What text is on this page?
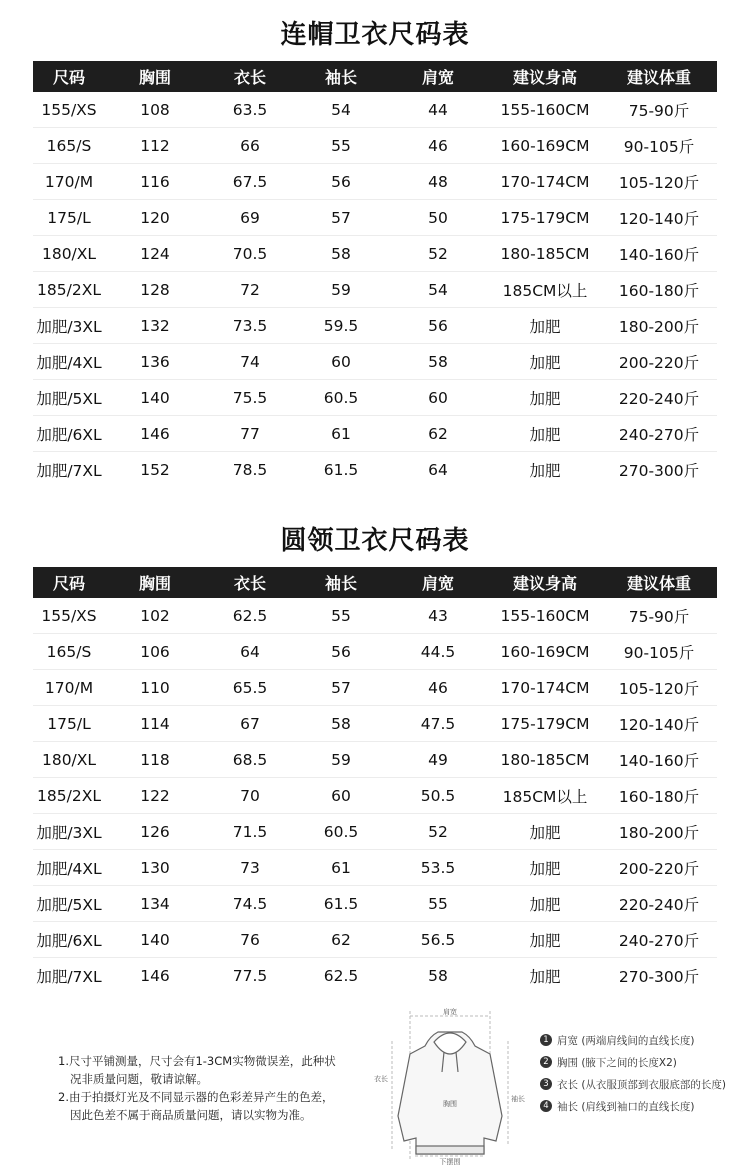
连帽卫衣尺码表
尺码	胸围	衣长	袖长	肩宽	建议身高	建议体重
155/XS	108	63.5	54	44	155-160CM	75-90斤
165/S	112	66	55	46	160-169CM	90-105斤
170/M	116	67.5	56	48	170-174CM	105-120斤
175/L	120	69	57	50	175-179CM	120-140斤
180/XL	124	70.5	58	52	180-185CM	140-160斤
185/2XL	128	72	59	54	185CM以上	160-180斤
加肥/3XL	132	73.5	59.5	56	加肥	180-200斤
加肥/4XL	136	74	60	58	加肥	200-220斤
加肥/5XL	140	75.5	60.5	60	加肥	220-240斤
加肥/6XL	146	77	61	62	加肥	240-270斤
加肥/7XL	152	78.5	61.5	64	加肥	270-300斤
圆领卫衣尺码表
尺码	胸围	衣长	袖长	肩宽	建议身高	建议体重
155/XS	102	62.5	55	43	155-160CM	75-90斤
165/S	106	64	56	44.5	160-169CM	90-105斤
170/M	110	65.5	57	46	170-174CM	105-120斤
175/L	114	67	58	47.5	175-179CM	120-140斤
180/XL	118	68.5	59	49	180-185CM	140-160斤
185/2XL	122	70	60	50.5	185CM以上	160-180斤
加肥/3XL	126	71.5	60.5	52	加肥	180-200斤
加肥/4XL	130	73	61	53.5	加肥	200-220斤
加肥/5XL	134	74.5	61.5	55	加肥	220-240斤
加肥/6XL	140	76	62	56.5	加肥	240-270斤
加肥/7XL	146	77.5	62.5	58	加肥	270-300斤

1.尺寸平铺测量，尺寸会有1-3CM实物微误差，此种状

况非质量问题，敬请谅解。

2.由于拍摄灯光及不同显示器的色彩差异产生的色差，

因此色差不属于商品质量问题，请以实物为准。

肩宽
衣长
胸围
袖长
下摆围
1 肩宽 (两端肩线间的直线长度)
2 胸围 (腋下之间的长度X2)
3 衣长 (从衣服顶部到衣服底部的长度)
4 袖长 (肩线到袖口的直线长度)
